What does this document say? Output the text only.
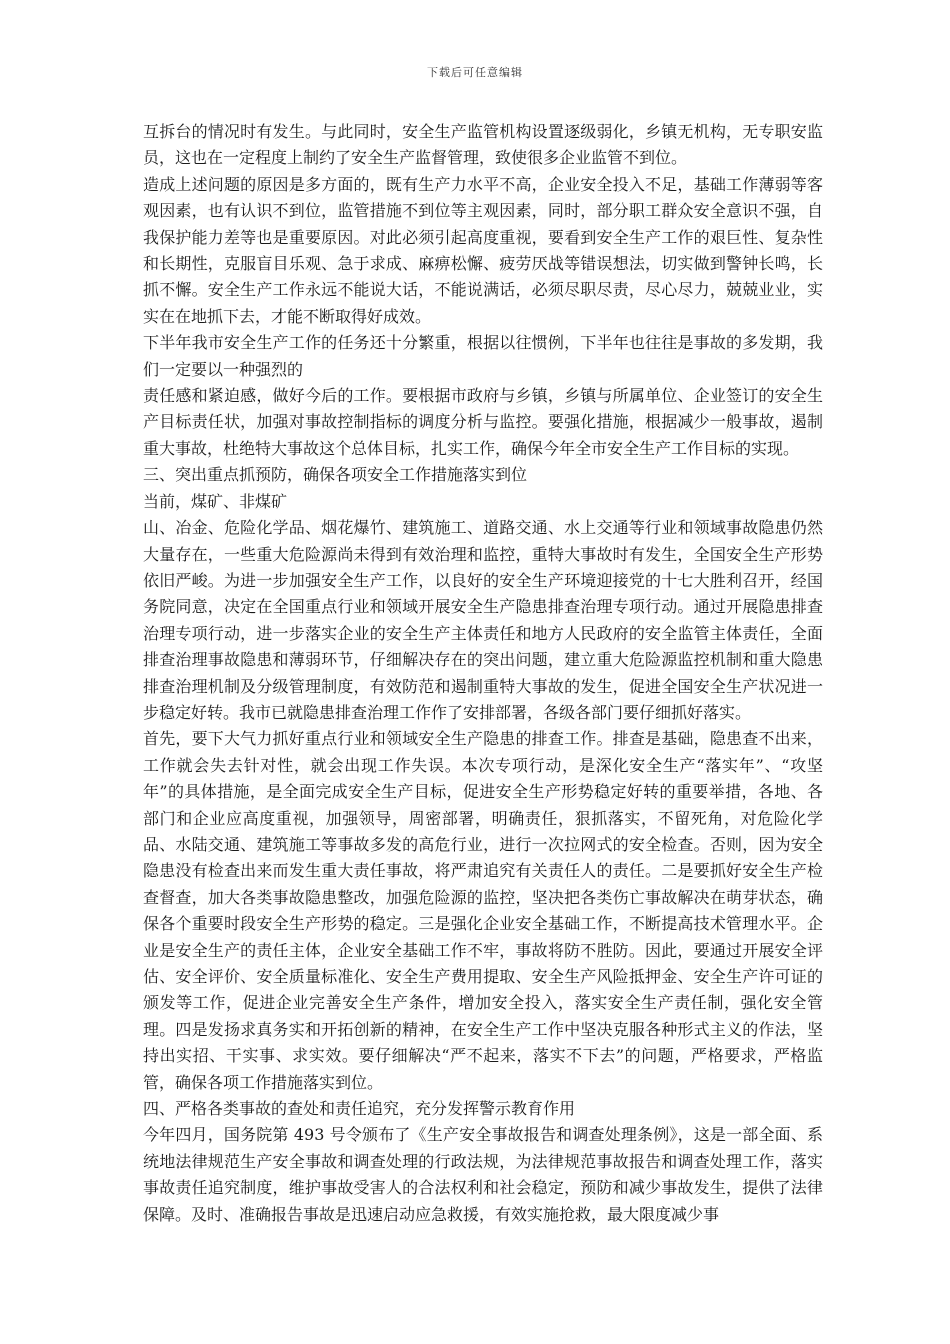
下载后可任意编辑

互拆台的情况时有发生。与此同时，安全生产监管机构设置逐级弱化，乡镇无机构，无专职安监员，这也在一定程度上制约了安全生产监督管理，致使很多企业监管不到位。

造成上述问题的原因是多方面的，既有生产力水平不高，企业安全投入不足，基础工作薄弱等客观因素，也有认识不到位，监管措施不到位等主观因素，同时，部分职工群众安全意识不强，自我保护能力差等也是重要原因。对此必须引起高度重视，要看到安全生产工作的艰巨性、复杂性和长期性，克服盲目乐观、急于求成、麻痹松懈、疲劳厌战等错误想法，切实做到警钟长鸣，长抓不懈。安全生产工作永远不能说大话，不能说满话，必须尽职尽责，尽心尽力，兢兢业业，实实在在地抓下去，才能不断取得好成效。

下半年我市安全生产工作的任务还十分繁重，根据以往惯例，下半年也往往是事故的多发期，我们一定要以一种强烈的

责任感和紧迫感，做好今后的工作。要根据市政府与乡镇，乡镇与所属单位、企业签订的安全生产目标责任状，加强对事故控制指标的调度分析与监控。要强化措施，根据减少一般事故，遏制重大事故，杜绝特大事故这个总体目标，扎实工作，确保今年全市安全生产工作目标的实现。

三、突出重点抓预防，确保各项安全工作措施落实到位

当前，煤矿、非煤矿

山、冶金、危险化学品、烟花爆竹、建筑施工、道路交通、水上交通等行业和领域事故隐患仍然大量存在，一些重大危险源尚未得到有效治理和监控，重特大事故时有发生，全国安全生产形势依旧严峻。为进一步加强安全生产工作，以良好的安全生产环境迎接党的十七大胜利召开，经国务院同意，决定在全国重点行业和领域开展安全生产隐患排查治理专项行动。通过开展隐患排查治理专项行动，进一步落实企业的安全生产主体责任和地方人民政府的安全监管主体责任，全面排查治理事故隐患和薄弱环节，仔细解决存在的突出问题，建立重大危险源监控机制和重大隐患排查治理机制及分级管理制度，有效防范和遏制重特大事故的发生，促进全国安全生产状况进一步稳定好转。我市已就隐患排查治理工作作了安排部署，各级各部门要仔细抓好落实。

首先，要下大气力抓好重点行业和领域安全生产隐患的排查工作。排查是基础，隐患查不出来，工作就会失去针对性，就会出现工作失误。本次专项行动，是深化安全生产“落实年”、“攻坚年”的具体措施，是全面完成安全生产目标，促进安全生产形势稳定好转的重要举措，各地、各部门和企业应高度重视，加强领导，周密部署，明确责任，狠抓落实，不留死角，对危险化学品、水陆交通、建筑施工等事故多发的高危行业，进行一次拉网式的安全检查。否则，因为安全隐患没有检查出来而发生重大责任事故，将严肃追究有关责任人的责任。二是要抓好安全生产检查督查，加大各类事故隐患整改，加强危险源的监控，坚决把各类伤亡事故解决在萌芽状态，确保各个重要时段安全生产形势的稳定。三是强化企业安全基础工作，不断提高技术管理水平。企业是安全生产的责任主体，企业安全基础工作不牢，事故将防不胜防。因此，要通过开展安全评估、安全评价、安全质量标准化、安全生产费用提取、安全生产风险抵押金、安全生产许可证的颁发等工作，促进企业完善安全生产条件，增加安全投入，落实安全生产责任制，强化安全管理。四是发扬求真务实和开拓创新的精神，在安全生产工作中坚决克服各种形式主义的作法，坚持出实招、干实事、求实效。要仔细解决“严不起来，落实不下去”的问题，严格要求，严格监管，确保各项工作措施落实到位。

四、严格各类事故的查处和责任追究，充分发挥警示教育作用

今年四月，国务院第 493 号令颁布了《生产安全事故报告和调查处理条例》，这是一部全面、系统地法律规范生产安全事故和调查处理的行政法规，为法律规范事故报告和调查处理工作，落实事故责任追究制度，维护事故受害人的合法权利和社会稳定，预防和减少事故发生，提供了法律保障。及时、准确报告事故是迅速启动应急救援，有效实施抢救，最大限度减少事
